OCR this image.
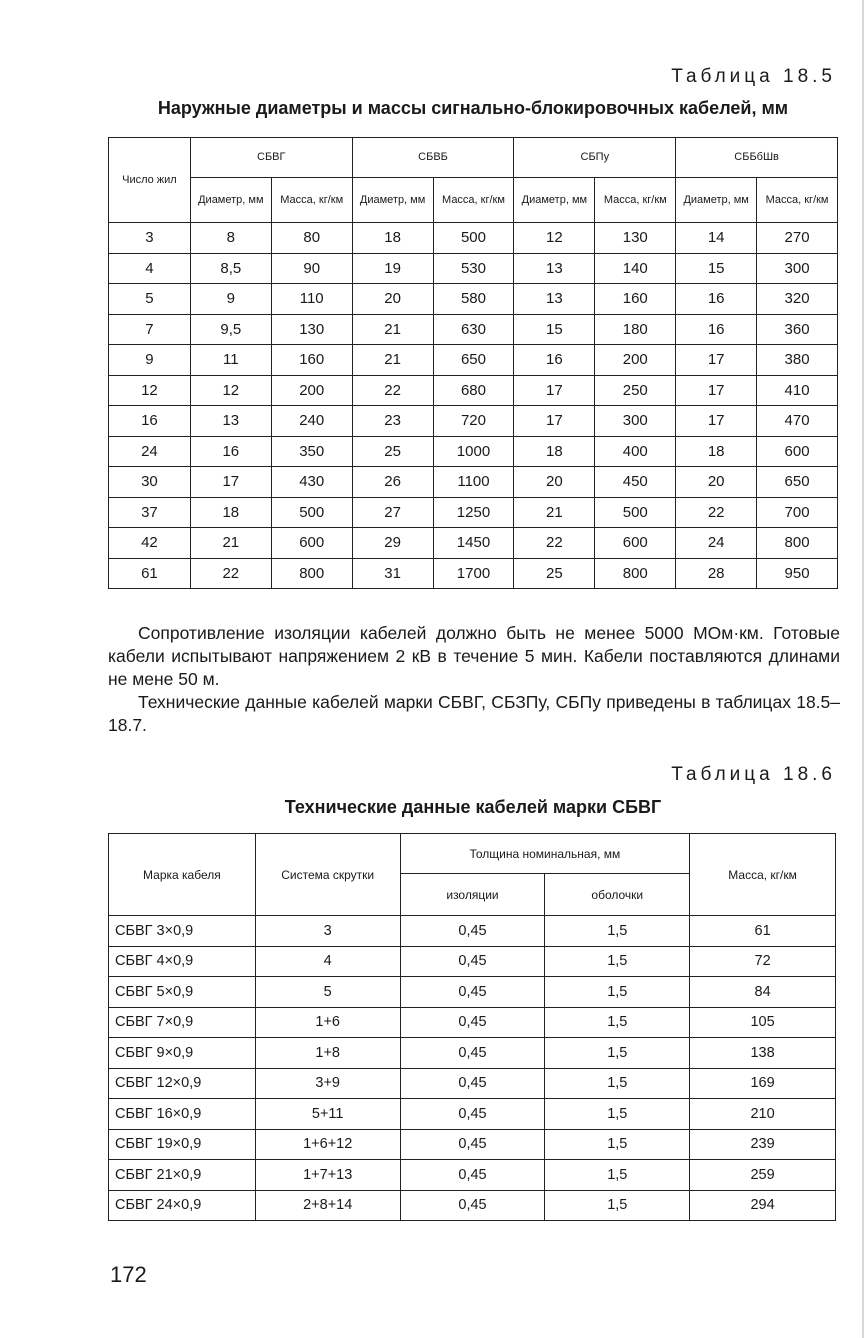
Таблица 18.5
Наружные диаметры и массы сигнально-блокировочных кабелей, мм
Число жил	СБВГ		СБВБ		СБПу		СББбШв	
	Диаметр, мм	Масса, кг/км	Диаметр, мм	Масса, кг/км	Диаметр, мм	Масса, кг/км	Диаметр, мм	Масса, кг/км
3	8	80	18	500	12	130	14	270
4	8,5	90	19	530	13	140	15	300
5	9	110	20	580	13	160	16	320
7	9,5	130	21	630	15	180	16	360
9	11	160	21	650	16	200	17	380
12	12	200	22	680	17	250	17	410
16	13	240	23	720	17	300	17	470
24	16	350	25	1000	18	400	18	600
30	17	430	26	1100	20	450	20	650
37	18	500	27	1250	21	500	22	700
42	21	600	29	1450	22	600	24	800
61	22	800	31	1700	25	800	28	950

Сопротивление изоляции кабелей должно быть не менее 5000 МОм·км. Готовые кабели испытывают напряжением 2 кВ в течение 5 мин. Кабели поставляются длинами не мене 50 м.

Технические данные кабелей марки СБВГ, СБЗПу, СБПу приведены в таблицах 18.5–18.7.

Таблица 18.6
Технические данные кабелей марки СБВГ
Марка кабеля	Система скрутки	Толщина номинальная, мм		Масса, кг/км
		изоляции	оболочки	
СБВГ 3×0,9	3	0,45	1,5	61
СБВГ 4×0,9	4	0,45	1,5	72
СБВГ 5×0,9	5	0,45	1,5	84
СБВГ 7×0,9	1+6	0,45	1,5	105
СБВГ 9×0,9	1+8	0,45	1,5	138
СБВГ 12×0,9	3+9	0,45	1,5	169
СБВГ 16×0,9	5+11	0,45	1,5	210
СБВГ 19×0,9	1+6+12	0,45	1,5	239
СБВГ 21×0,9	1+7+13	0,45	1,5	259
СБВГ 24×0,9	2+8+14	0,45	1,5	294
172
